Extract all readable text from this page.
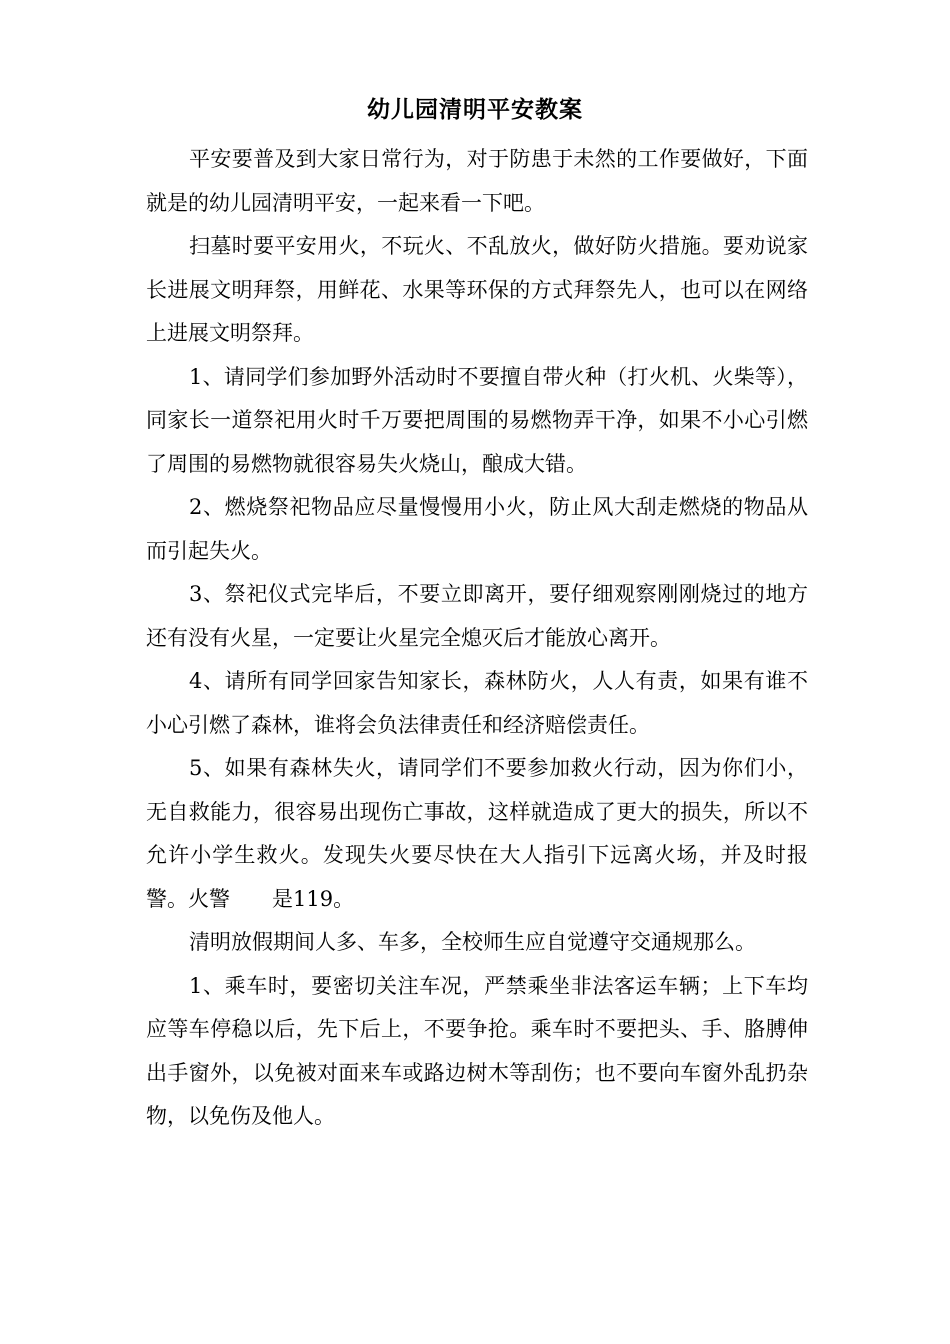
幼儿园清明平安教案

平安要普及到大家日常行为，对于防患于未然的工作要做好，下面就是的幼儿园清明平安，一起来看一下吧。

扫墓时要平安用火，不玩火、不乱放火，做好防火措施。要劝说家长进展文明拜祭，用鲜花、水果等环保的方式拜祭先人，也可以在网络上进展文明祭拜。

1、请同学们参加野外活动时不要擅自带火种（打火机、火柴等），同家长一道祭祀用火时千万要把周围的易燃物弄干净，如果不小心引燃了周围的易燃物就很容易失火烧山，酿成大错。

2、燃烧祭祀物品应尽量慢慢用小火，防止风大刮走燃烧的物品从而引起失火。

3、祭祀仪式完毕后，不要立即离开，要仔细观察刚刚烧过的地方还有没有火星，一定要让火星完全熄灭后才能放心离开。

4、请所有同学回家告知家长，森林防火，人人有责，如果有谁不小心引燃了森林，谁将会负法律责任和经济赔偿责任。

5、如果有森林失火，请同学们不要参加救火行动，因为你们小，无自救能力，很容易出现伤亡事故，这样就造成了更大的损失，所以不允许小学生救火。发现失火要尽快在大人指引下远离火场，并及时报警。火警　　是119。

清明放假期间人多、车多，全校师生应自觉遵守交通规那么。

1、乘车时，要密切关注车况，严禁乘坐非法客运车辆；上下车均应等车停稳以后，先下后上，不要争抢。乘车时不要把头、手、胳膊伸出手窗外，以免被对面来车或路边树木等刮伤；也不要向车窗外乱扔杂物，以免伤及他人。
